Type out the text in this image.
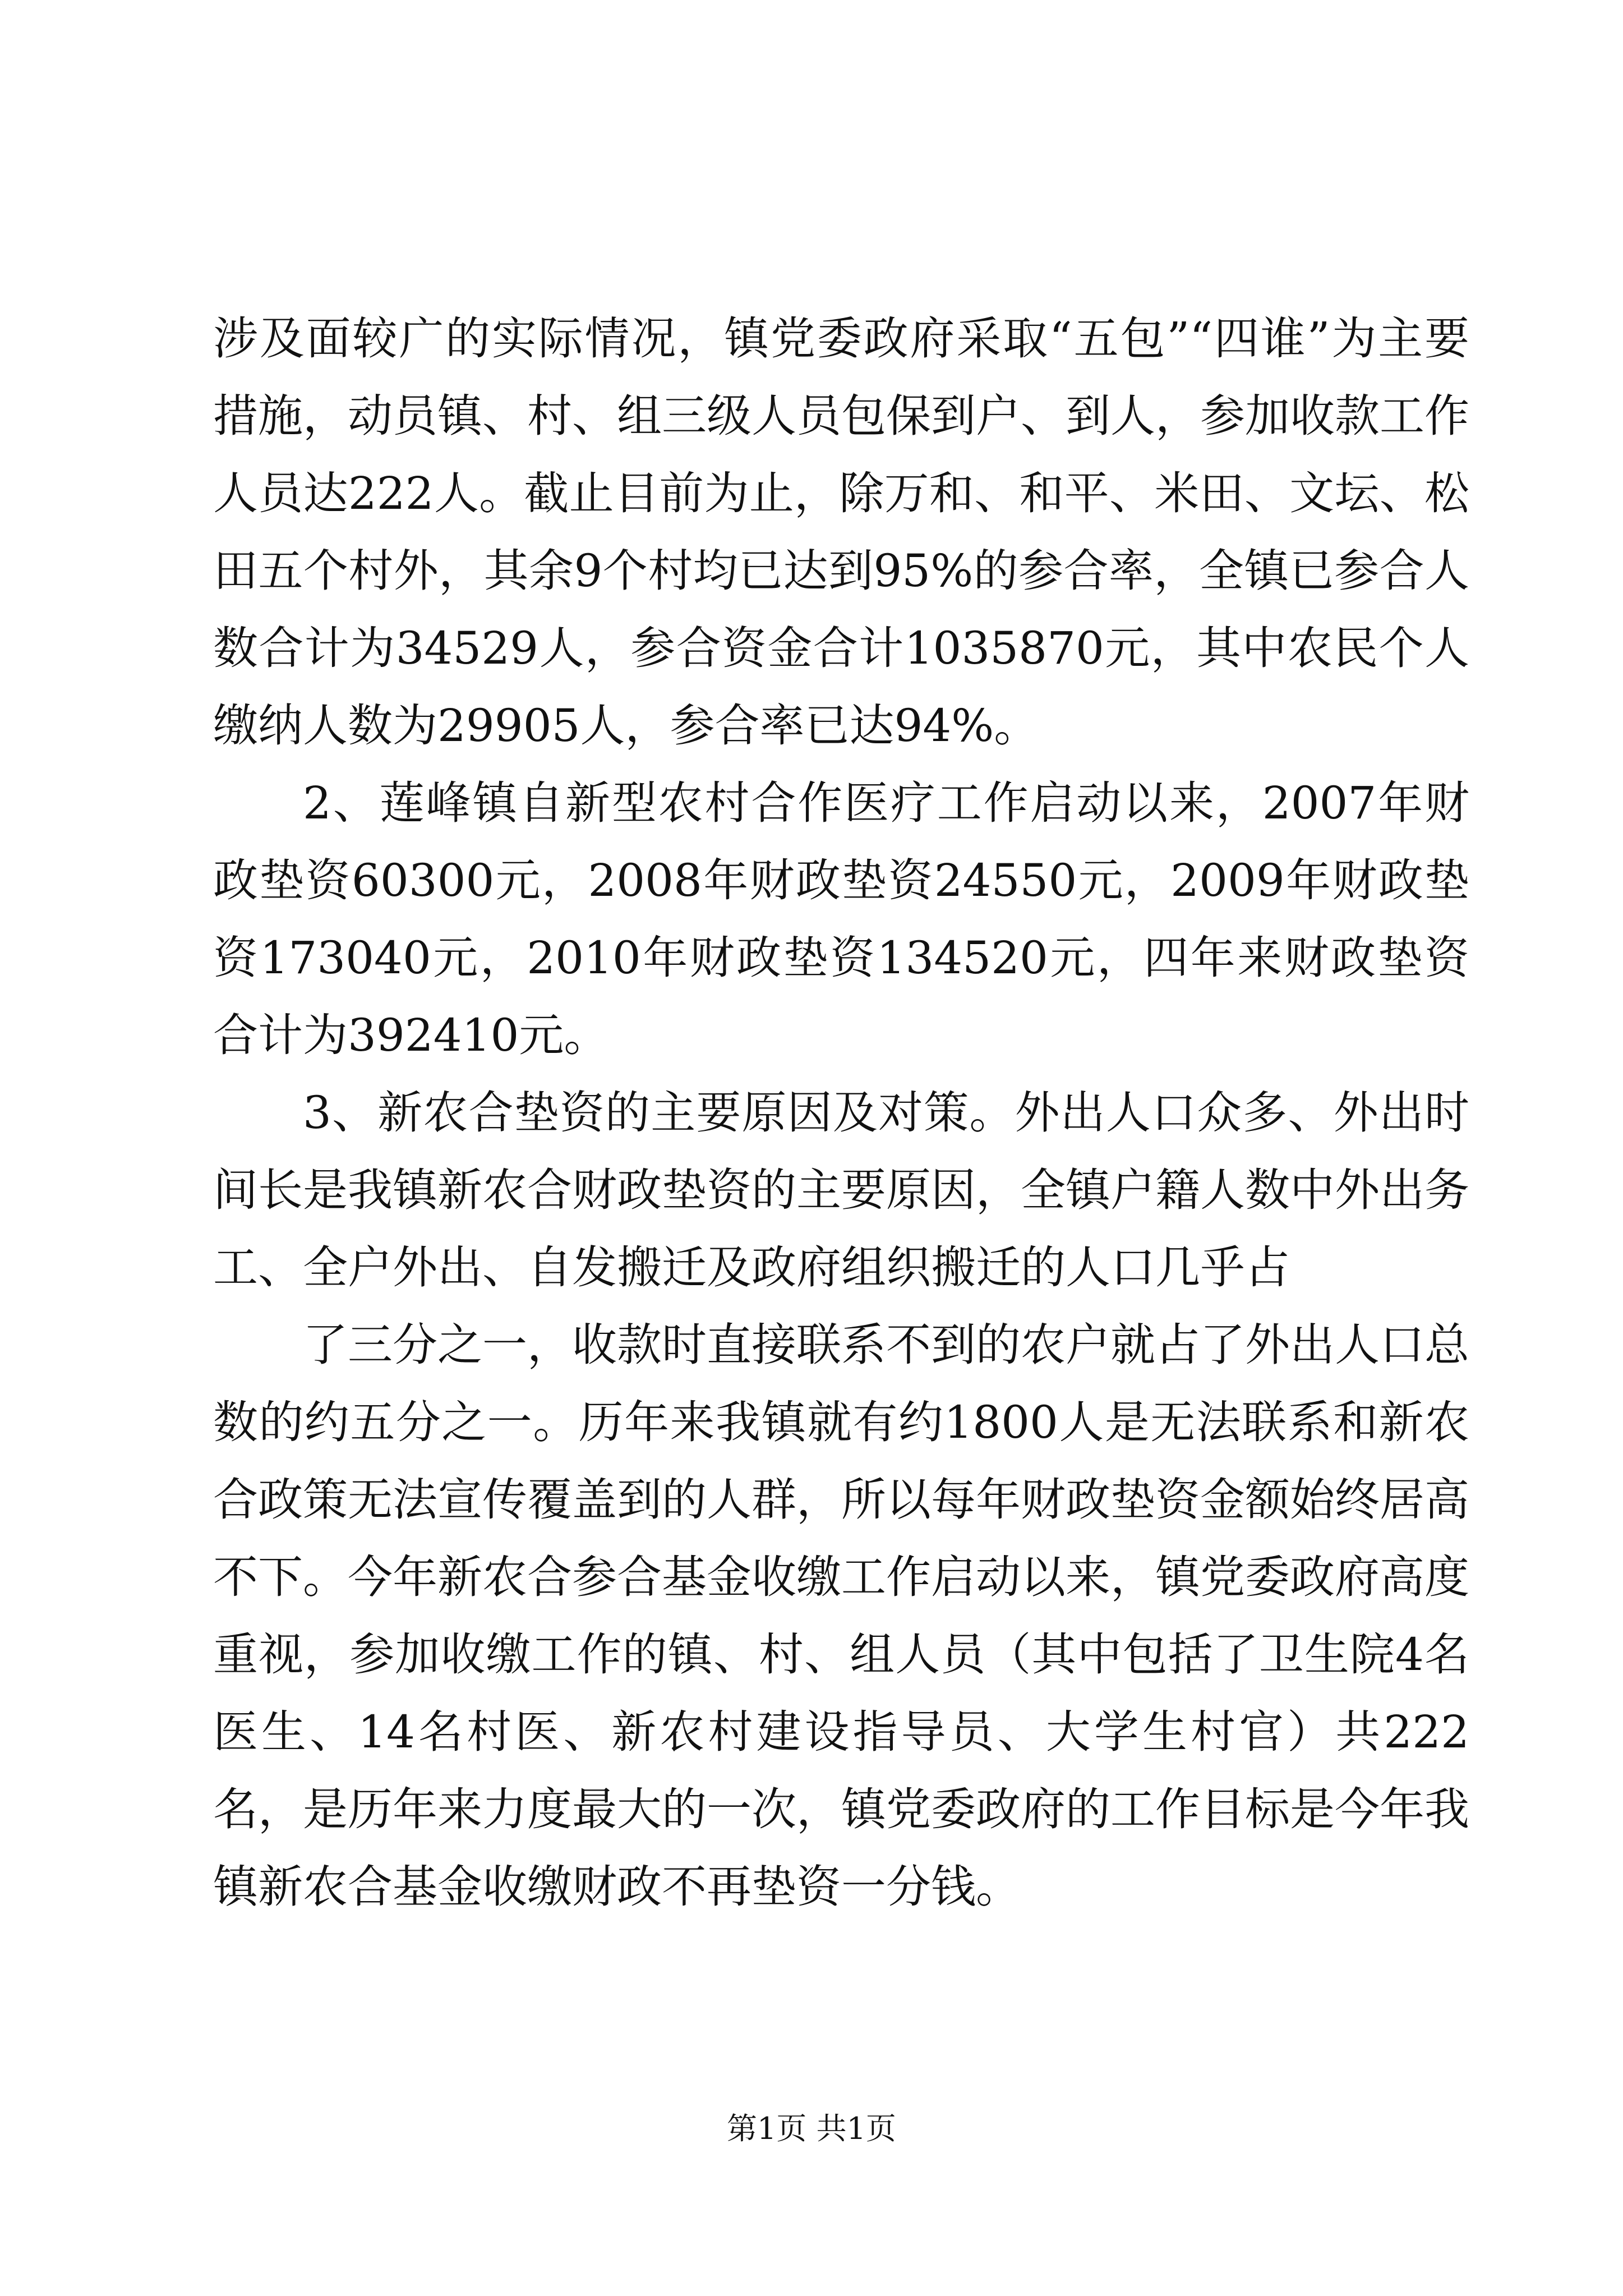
涉及面较广的实际情况，镇党委政府采取“五包”“四谁”为主要措施，动员镇、村、组三级人员包保到户、到人，参加收款工作人员达222人。截止目前为止，除万和、和平、米田、文坛、松田五个村外，其余9个村均已达到95%的参合率，全镇已参合人数合计为34529人，参合资金合计1035870元，其中农民个人缴纳人数为29905人，参合率已达94%。

2、莲峰镇自新型农村合作医疗工作启动以来，2007年财政垫资60300元，2008年财政垫资24550元，2009年财政垫资173040元，2010年财政垫资134520元，四年来财政垫资合计为392410元。

3、新农合垫资的主要原因及对策。外出人口众多、外出时间长是我镇新农合财政垫资的主要原因，全镇户籍人数中外出务工、全户外出、自发搬迁及政府组织搬迁的人口几乎占

了三分之一，收款时直接联系不到的农户就占了外出人口总数的约五分之一。历年来我镇就有约1800人是无法联系和新农合政策无法宣传覆盖到的人群，所以每年财政垫资金额始终居高不下。今年新农合参合基金收缴工作启动以来，镇党委政府高度重视，参加收缴工作的镇、村、组人员（其中包括了卫生院4名医生、14名村医、新农村建设指导员、大学生村官）共222名，是历年来力度最大的一次，镇党委政府的工作目标是今年我镇新农合基金收缴财政不再垫资一分钱。

第1页 共1页
